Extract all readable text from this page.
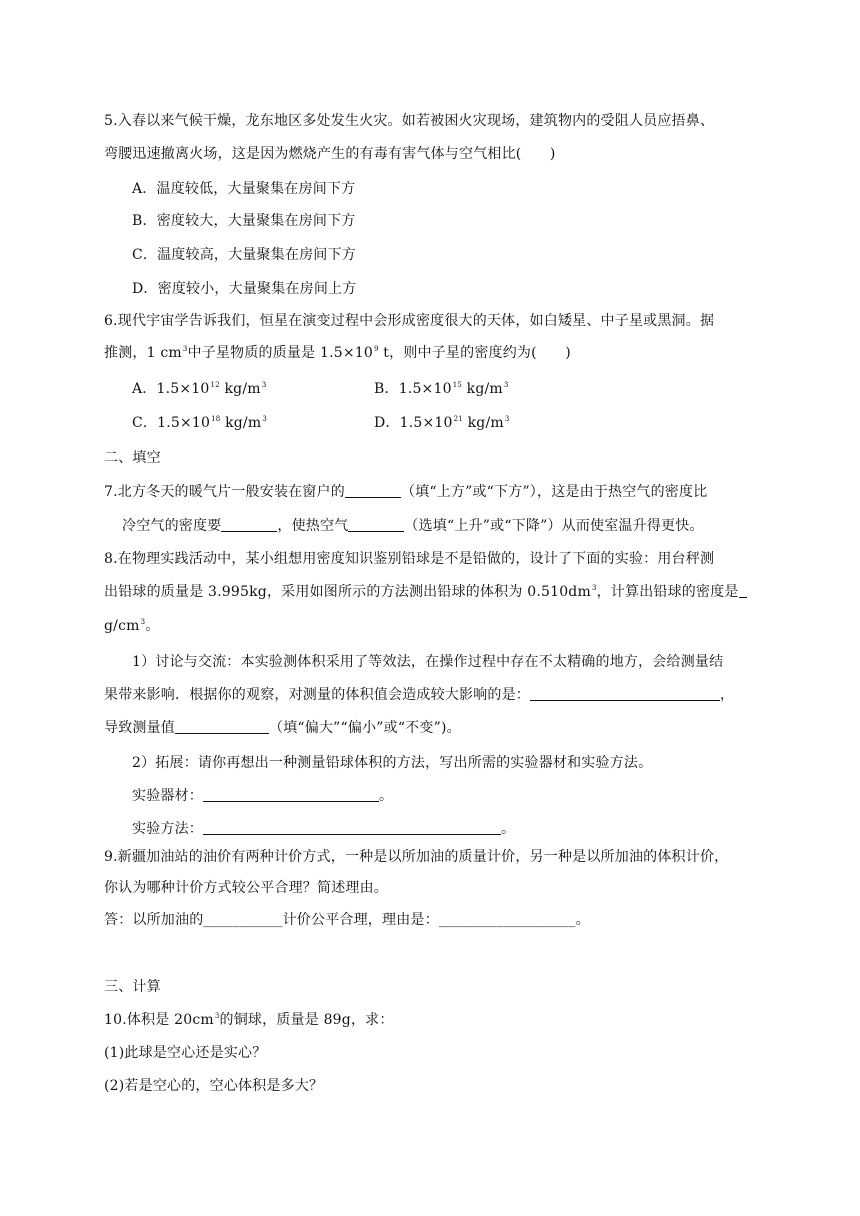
5.入春以来气候干燥，龙东地区多处发生火灾。如若被困火灾现场，建筑物内的受阻人员应捂鼻、
弯腰迅速撤离火场，这是因为燃烧产生的有毒有害气体与空气相比(　　)
A．温度较低，大量聚集在房间下方
B．密度较大，大量聚集在房间下方
C．温度较高，大量聚集在房间下方
D．密度较小，大量聚集在房间上方
6.现代宇宙学告诉我们，恒星在演变过程中会形成密度很大的天体，如白矮星、中子星或黑洞。据
推测，1 $cm^3$中子星物质的质量是 $1.5\times 10^9$ t，则中子星的密度约为(　　)
A．$1.5\times 10^{12}$ $kg/m^3$	B．$1.5\times 10^{15}$ $kg/m^3$
C．$1.5\times 10^{18}$ $kg/m^3$	D．$1.5\times 10^{21}$ $kg/m^3$
二、填空
7.北方冬天的暖气片一般安装在窗户的	（填“上方”或“下方”），这是由于热空气的密度比
冷空气的密度要	，使热空气	（选填“上升”或“下降”）从而使室温升得更快。
8.在物理实践活动中，某小组想用密度知识鉴别铅球是不是铅做的，设计了下面的实验：用台秤测
出铅球的质量是 3.995kg，采用如图所示的方法测出铅球的体积为 $0.510dm^3$，计算出铅球的密度是
$g/cm^3$。
1）讨论与交流：本实验测体积采用了等效法，在操作过程中存在不太精确的地方，会给测量结
果带来影响．根据你的观察，对测量的体积值会造成较大影响的是：	，
导致测量值	（填“偏大”“偏小”或“不变”)。
2）拓展：请你再想出一种测量铅球体积的方法，写出所需的实验器材和实验方法。
实验器材：	。
实验方法：	。
9.新疆加油站的油价有两种计价方式，一种是以所加油的质量计价，另一种是以所加油的体积计价，
你认为哪种计价方式较公平合理？简述理由。
答：以所加油的___________计价公平合理，理由是：___________________。
三、计算
10.体积是 $20cm^3$的铜球，质量是 89g，求：
(1)此球是空心还是实心？
(2)若是空心的，空心体积是多大？
